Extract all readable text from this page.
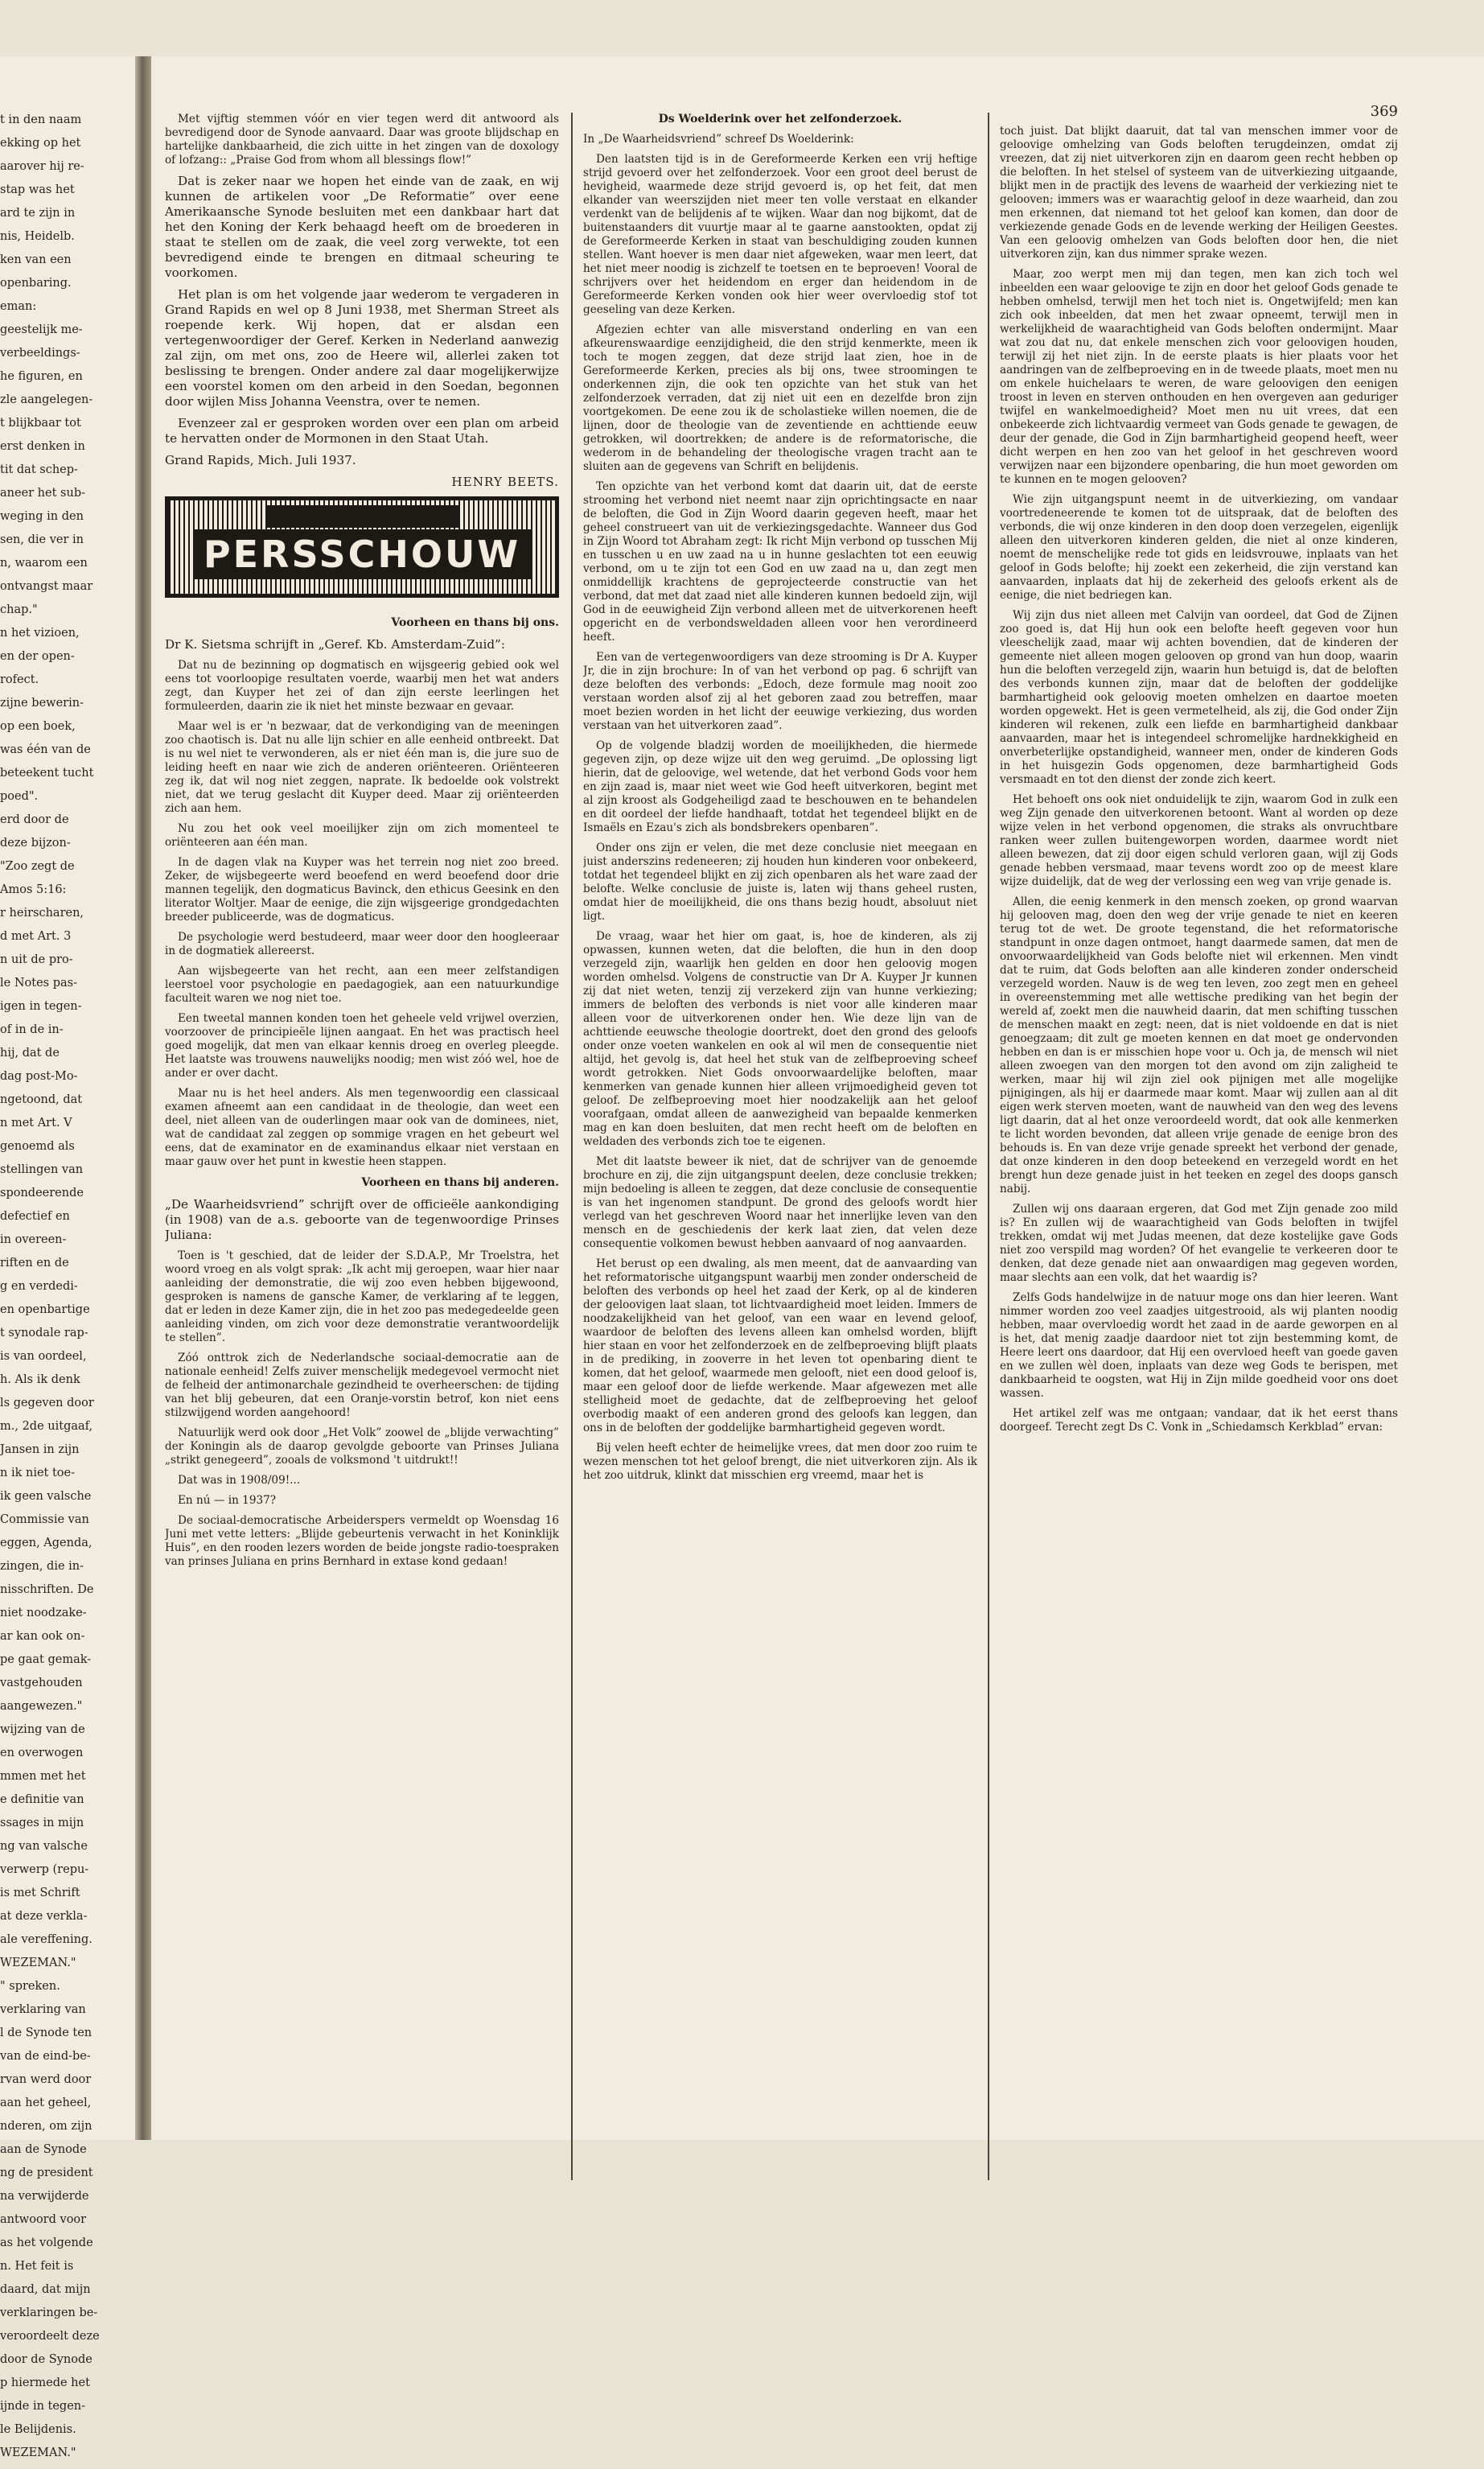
t in den naam

ekking op het

aarover hij re-

stap was het

ard te zijn in

nis, Heidelb.

ken van een

openbaring.

eman:

geestelijk me-

verbeeldings-

he figuren, en

zle aangelegen-

t blijkbaar tot

erst denken in

tit dat schep-

aneer het sub-

weging in den

sen, die ver in

n, waarom een

ontvangst maar

chap."

n het vizioen,

en der open-

rofect.

zijne bewerin-

op een boek,

was één van de

beteekent tucht

poed".

erd door de

deze bijzon-

"Zoo zegt de

Amos 5:16:

r heirscharen,

d met Art. 3

n uit de pro-

le Notes pas-

igen in tegen-

of in de in-

hij, dat de

dag post-Mo-

ngetoond, dat

n met Art. V

genoemd als

stellingen van

spondeerende

defectief en

in overeen-

riften en de

g en verdedi-

en openbartige

t synodale rap-

is van oordeel,

h. Als ik denk

ls gegeven door

m., 2de uitgaaf,

Jansen in zijn

n ik niet toe-

ik geen valsche

Commissie van

eggen, Agenda,

zingen, die in-

nisschriften. De

niet noodzake-

ar kan ook on-

pe gaat gemak-

vastgehouden

aangewezen."

wijzing van de

en overwogen

mmen met het

e definitie van

ssages in mijn

ng van valsche

verwerp (repu-

is met Schrift

at deze verkla-

ale vereffening.

WEZEMAN."

" spreken.

verklaring van

l de Synode ten

van de eind-be-

rvan werd door

aan het geheel,

nderen, om zijn

aan de Synode

ng de president

na verwijderde

antwoord voor

as het volgende

n. Het feit is

daard, dat mijn

verklaringen be-

veroordeelt deze

door de Synode

p hiermede het

ijnde in tegen-

le Belijdenis.

WEZEMAN."

Met vijftig stemmen vóór en vier tegen werd dit antwoord als bevredigend door de Synode aanvaard. Daar was groote blijdschap en hartelijke dankbaarheid, die zich uitte in het zingen van de doxology of lofzang:: „Praise God from whom all blessings flow!”

Dat is zeker naar we hopen het einde van de zaak, en wij kunnen de artikelen voor „De Reformatie” over eene Amerikaansche Synode besluiten met een dankbaar hart dat het den Koning der Kerk behaagd heeft om de broederen in staat te stellen om de zaak, die veel zorg verwekte, tot een bevredigend einde te brengen en ditmaal scheuring te voorkomen.

Het plan is om het volgende jaar wederom te vergaderen in Grand Rapids en wel op 8 Juni 1938, met Sherman Street als roepende kerk. Wij hopen, dat er alsdan een vertegenwoordiger der Geref. Kerken in Nederland aanwezig zal zijn, om met ons, zoo de Heere wil, allerlei zaken tot beslissing te brengen. Onder andere zal daar mogelijkerwijze een voorstel komen om den arbeid in den Soedan, begonnen door wijlen Miss Johanna Veenstra, over te nemen.

Evenzeer zal er gesproken worden over een plan om arbeid te hervatten onder de Mormonen in den Staat Utah.

Grand Rapids, Mich. Juli 1937.

HENRY BEETS.

PERSSCHOUW

Voorheen en thans bij ons.

Dr K. Sietsma schrijft in „Geref. Kb. Amsterdam-Zuid”:

Dat nu de bezinning op dogmatisch en wijsgeerig gebied ook wel eens tot voorloopige resultaten voerde, waarbij men het wat anders zegt, dan Kuyper het zei of dan zijn eerste leerlingen het formuleerden, daarin zie ik niet het minste bezwaar en gevaar.

Maar wel is er 'n bezwaar, dat de verkondiging van de meeningen zoo chaotisch is. Dat nu alle lijn schier en alle eenheid ontbreekt. Dat is nu wel niet te verwonderen, als er niet één man is, die jure suo de leiding heeft en naar wie zich de anderen oriënteeren. Oriënteeren zeg ik, dat wil nog niet zeggen, naprate. Ik bedoelde ook volstrekt niet, dat we terug geslacht dit Kuyper deed. Maar zij oriënteerden zich aan hem.

Nu zou het ook veel moeilijker zijn om zich momenteel te oriënteeren aan één man.

In de dagen vlak na Kuyper was het terrein nog niet zoo breed. Zeker, de wijsbegeerte werd beoefend en werd beoefend door drie mannen tegelijk, den dogmaticus Bavinck, den ethicus Geesink en den literator Woltjer. Maar de eenige, die zijn wijsgeerige grondgedachten breeder publiceerde, was de dogmaticus.

De psychologie werd bestudeerd, maar weer door den hoogleeraar in de dogmatiek allereerst.

Aan wijsbegeerte van het recht, aan een meer zelfstandigen leerstoel voor psychologie en paedagogiek, aan een natuurkundige faculteit waren we nog niet toe.

Een tweetal mannen konden toen het geheele veld vrijwel overzien, voorzoover de principieële lijnen aangaat. En het was practisch heel goed mogelijk, dat men van elkaar kennis droeg en overleg pleegde. Het laatste was trouwens nauwelijks noodig; men wist zóó wel, hoe de ander er over dacht.

Maar nu is het heel anders. Als men tegenwoordig een classicaal examen afneemt aan een candidaat in de theologie, dan weet een deel, niet alleen van de ouderlingen maar ook van de dominees, niet, wat de candidaat zal zeggen op sommige vragen en het gebeurt wel eens, dat de examinator en de examinandus elkaar niet verstaan en maar gauw over het punt in kwestie heen stappen.

Voorheen en thans bij anderen.

„De Waarheidsvriend” schrijft over de officieële aankondiging (in 1908) van de a.s. geboorte van de tegenwoordige Prinses Juliana:

Toen is 't geschied, dat de leider der S.D.A.P., Mr Troelstra, het woord vroeg en als volgt sprak: „Ik acht mij geroepen, waar hier naar aanleiding der demonstratie, die wij zoo even hebben bijgewoond, gesproken is namens de gansche Kamer, de verklaring af te leggen, dat er leden in deze Kamer zijn, die in het zoo pas medegedeelde geen aanleiding vinden, om zich voor deze demonstratie verantwoordelijk te stellen”.

Zóó onttrok zich de Nederlandsche sociaal-democratie aan de nationale eenheid! Zelfs zuiver menschelijk medegevoel vermocht niet de felheid der antimonarchale gezindheid te overheerschen: de tijding van het blij gebeuren, dat een Oranje-vorstin betrof, kon niet eens stilzwijgend worden aangehoord!

Natuurlijk werd ook door „Het Volk” zoowel de „blijde verwachting” der Koningin als de daarop gevolgde geboorte van Prinses Juliana „strikt genegeerd”, zooals de volksmond 't uitdrukt!!

Dat was in 1908/09!...

En nú — in 1937?

De sociaal-democratische Arbeiderspers vermeldt op Woensdag 16 Juni met vette letters: „Blijde gebeurtenis verwacht in het Koninklijk Huis”, en den rooden lezers worden de beide jongste radio-toespraken van prinses Juliana en prins Bernhard in extase kond gedaan!

Ds Woelderink over het zelfonderzoek.

In „De Waarheidsvriend” schreef Ds Woelderink:

Den laatsten tijd is in de Gereformeerde Kerken een vrij heftige strijd gevoerd over het zelfonderzoek. Voor een groot deel berust de hevigheid, waarmede deze strijd gevoerd is, op het feit, dat men elkander van weerszijden niet meer ten volle verstaat en elkander verdenkt van de belijdenis af te wijken. Waar dan nog bijkomt, dat de buitenstaanders dit vuurtje maar al te gaarne aanstookten, opdat zij de Gereformeerde Kerken in staat van beschuldiging zouden kunnen stellen. Want hoever is men daar niet afgeweken, waar men leert, dat het niet meer noodig is zichzelf te toetsen en te beproeven! Vooral de schrijvers over het heidendom en erger dan heidendom in de Gereformeerde Kerken vonden ook hier weer overvloedig stof tot geeseling van deze Kerken.

Afgezien echter van alle misverstand onderling en van een afkeurenswaardige eenzijdigheid, die den strijd kenmerkte, meen ik toch te mogen zeggen, dat deze strijd laat zien, hoe in de Gereformeerde Kerken, precies als bij ons, twee stroomingen te onderkennen zijn, die ook ten opzichte van het stuk van het zelfonderzoek verraden, dat zij niet uit een en dezelfde bron zijn voortgekomen. De eene zou ik de scholastieke willen noemen, die de lijnen, door de theologie van de zeventiende en achttiende eeuw getrokken, wil doortrekken; de andere is de reformatorische, die wederom in de behandeling der theologische vragen tracht aan te sluiten aan de gegevens van Schrift en belijdenis.

Ten opzichte van het verbond komt dat daarin uit, dat de eerste strooming het verbond niet neemt naar zijn oprichtingsacte en naar de beloften, die God in Zijn Woord daarin gegeven heeft, maar het geheel construeert van uit de verkiezingsgedachte. Wanneer dus God in Zijn Woord tot Abraham zegt: Ik richt Mijn verbond op tusschen Mij en tusschen u en uw zaad na u in hunne geslachten tot een eeuwig verbond, om u te zijn tot een God en uw zaad na u, dan zegt men onmiddellijk krachtens de geprojecteerde constructie van het verbond, dat met dat zaad niet alle kinderen kunnen bedoeld zijn, wijl God in de eeuwigheid Zijn verbond alleen met de uitverkorenen heeft opgericht en de verbondsweldaden alleen voor hen verordineerd heeft.

Een van de vertegenwoordigers van deze strooming is Dr A. Kuyper Jr, die in zijn brochure: In of van het verbond op pag. 6 schrijft van deze beloften des verbonds: „Edoch, deze formule mag nooit zoo verstaan worden alsof zij al het geboren zaad zou betreffen, maar moet bezien worden in het licht der eeuwige verkiezing, dus worden verstaan van het uitverkoren zaad”.

Op de volgende bladzij worden de moeilijkheden, die hiermede gegeven zijn, op deze wijze uit den weg geruimd. „De oplossing ligt hierin, dat de geloovige, wel wetende, dat het verbond Gods voor hem en zijn zaad is, maar niet weet wie God heeft uitverkoren, begint met al zijn kroost als Godgeheiligd zaad te beschouwen en te behandelen en dit oordeel der liefde handhaaft, totdat het tegendeel blijkt en de Ismaëls en Ezau's zich als bondsbrekers openbaren”.

Onder ons zijn er velen, die met deze conclusie niet meegaan en juist anderszins redeneeren; zij houden hun kinderen voor onbekeerd, totdat het tegendeel blijkt en zij zich openbaren als het ware zaad der belofte. Welke conclusie de juiste is, laten wij thans geheel rusten, omdat hier de moeilijkheid, die ons thans bezig houdt, absoluut niet ligt.

De vraag, waar het hier om gaat, is, hoe de kinderen, als zij opwassen, kunnen weten, dat die beloften, die hun in den doop verzegeld zijn, waarlijk hen gelden en door hen geloovig mogen worden omhelsd. Volgens de constructie van Dr A. Kuyper Jr kunnen zij dat niet weten, tenzij zij verzekerd zijn van hunne verkiezing; immers de beloften des verbonds is niet voor alle kinderen maar alleen voor de uitverkorenen onder hen. Wie deze lijn van de achttiende eeuwsche theologie doortrekt, doet den grond des geloofs onder onze voeten wankelen en ook al wil men de consequentie niet altijd, het gevolg is, dat heel het stuk van de zelfbeproeving scheef wordt getrokken. Niet Gods onvoorwaardelijke beloften, maar kenmerken van genade kunnen hier alleen vrijmoedigheid geven tot geloof. De zelfbeproeving moet hier noodzakelijk aan het geloof voorafgaan, omdat alleen de aanwezigheid van bepaalde kenmerken mag en kan doen besluiten, dat men recht heeft om de beloften en weldaden des verbonds zich toe te eigenen.

Met dit laatste beweer ik niet, dat de schrijver van de genoemde brochure en zij, die zijn uitgangspunt deelen, deze conclusie trekken; mijn bedoeling is alleen te zeggen, dat deze conclusie de consequentie is van het ingenomen standpunt. De grond des geloofs wordt hier verlegd van het geschreven Woord naar het innerlijke leven van den mensch en de geschiedenis der kerk laat zien, dat velen deze consequentie volkomen bewust hebben aanvaard of nog aanvaarden.

Het berust op een dwaling, als men meent, dat de aanvaarding van het reformatorische uitgangspunt waarbij men zonder onderscheid de beloften des verbonds op heel het zaad der Kerk, op al de kinderen der geloovigen laat slaan, tot lichtvaardigheid moet leiden. Immers de noodzakelijkheid van het geloof, van een waar en levend geloof, waardoor de beloften des levens alleen kan omhelsd worden, blijft hier staan en voor het zelfonderzoek en de zelfbeproeving blijft plaats in de prediking, in zooverre in het leven tot openbaring dient te komen, dat het geloof, waarmede men gelooft, niet een dood geloof is, maar een geloof door de liefde werkende. Maar afgewezen met alle stelligheid moet de gedachte, dat de zelfbeproeving het geloof overbodig maakt of een anderen grond des geloofs kan leggen, dan ons in de beloften der goddelijke barmhartigheid gegeven wordt.

Bij velen heeft echter de heimelijke vrees, dat men door zoo ruim te wezen menschen tot het geloof brengt, die niet uitverkoren zijn. Als ik het zoo uitdruk, klinkt dat misschien erg vreemd, maar het is

369

toch juist. Dat blijkt daaruit, dat tal van menschen immer voor de geloovige omhelzing van Gods beloften terugdeinzen, omdat zij vreezen, dat zij niet uitverkoren zijn en daarom geen recht hebben op die beloften. In het stelsel of systeem van de uitverkiezing uitgaande, blijkt men in de practijk des levens de waarheid der verkiezing niet te gelooven; immers was er waarachtig geloof in deze waarheid, dan zou men erkennen, dat niemand tot het geloof kan komen, dan door de verkiezende genade Gods en de levende werking der Heiligen Geestes. Van een geloovig omhelzen van Gods beloften door hen, die niet uitverkoren zijn, kan dus nimmer sprake wezen.

Maar, zoo werpt men mij dan tegen, men kan zich toch wel inbeelden een waar geloovige te zijn en door het geloof Gods genade te hebben omhelsd, terwijl men het toch niet is. Ongetwijfeld; men kan zich ook inbeelden, dat men het zwaar opneemt, terwijl men in werkelijkheid de waarachtigheid van Gods beloften ondermijnt. Maar wat zou dat nu, dat enkele menschen zich voor geloovigen houden, terwijl zij het niet zijn. In de eerste plaats is hier plaats voor het aandringen van de zelfbeproeving en in de tweede plaats, moet men nu om enkele huichelaars te weren, de ware geloovigen den eenigen troost in leven en sterven onthouden en hen overgeven aan geduriger twijfel en wankelmoedigheid? Moet men nu uit vrees, dat een onbekeerde zich lichtvaardig vermeet van Gods genade te gewagen, de deur der genade, die God in Zijn barmhartigheid geopend heeft, weer dicht werpen en hen zoo van het geloof in het geschreven woord verwijzen naar een bijzondere openbaring, die hun moet geworden om te kunnen en te mogen gelooven?

Wie zijn uitgangspunt neemt in de uitverkiezing, om vandaar voortredeneerende te komen tot de uitspraak, dat de beloften des verbonds, die wij onze kinderen in den doop doen verzegelen, eigenlijk alleen den uitverkoren kinderen gelden, die niet al onze kinderen, noemt de menschelijke rede tot gids en leidsvrouwe, inplaats van het geloof in Gods belofte; hij zoekt een zekerheid, die zijn verstand kan aanvaarden, inplaats dat hij de zekerheid des geloofs erkent als de eenige, die niet bedriegen kan.

Wij zijn dus niet alleen met Calvijn van oordeel, dat God de Zijnen zoo goed is, dat Hij hun ook een belofte heeft gegeven voor hun vleeschelijk zaad, maar wij achten bovendien, dat de kinderen der gemeente niet alleen mogen gelooven op grond van hun doop, waarin hun die beloften verzegeld zijn, waarin hun betuigd is, dat de beloften des verbonds kunnen zijn, maar dat de beloften der goddelijke barmhartigheid ook geloovig moeten omhelzen en daartoe moeten worden opgewekt. Het is geen vermetelheid, als zij, die God onder Zijn kinderen wil rekenen, zulk een liefde en barmhartigheid dankbaar aanvaarden, maar het is integendeel schromelijke hardnekkigheid en onverbeterlijke opstandigheid, wanneer men, onder de kinderen Gods in het huisgezin Gods opgenomen, deze barmhartigheid Gods versmaadt en tot den dienst der zonde zich keert.

Het behoeft ons ook niet onduidelijk te zijn, waarom God in zulk een weg Zijn genade den uitverkorenen betoont. Want al worden op deze wijze velen in het verbond opgenomen, die straks als onvruchtbare ranken weer zullen buitengeworpen worden, daarmee wordt niet alleen bewezen, dat zij door eigen schuld verloren gaan, wijl zij Gods genade hebben versmaad, maar tevens wordt zoo op de meest klare wijze duidelijk, dat de weg der verlossing een weg van vrije genade is.

Allen, die eenig kenmerk in den mensch zoeken, op grond waarvan hij gelooven mag, doen den weg der vrije genade te niet en keeren terug tot de wet. De groote tegenstand, die het reformatorische standpunt in onze dagen ontmoet, hangt daarmede samen, dat men de onvoorwaardelijkheid van Gods belofte niet wil erkennen. Men vindt dat te ruim, dat Gods beloften aan alle kinderen zonder onderscheid verzegeld worden. Nauw is de weg ten leven, zoo zegt men en geheel in overeenstemming met alle wettische prediking van het begin der wereld af, zoekt men die nauwheid daarin, dat men schifting tusschen de menschen maakt en zegt: neen, dat is niet voldoende en dat is niet genoegzaam; dit zult ge moeten kennen en dat moet ge ondervonden hebben en dan is er misschien hope voor u. Och ja, de mensch wil niet alleen zwoegen van den morgen tot den avond om zijn zaligheid te werken, maar hij wil zijn ziel ook pijnigen met alle mogelijke pijnigingen, als hij er daarmede maar komt. Maar wij zullen aan al dit eigen werk sterven moeten, want de nauwheid van den weg des levens ligt daarin, dat al het onze veroordeeld wordt, dat ook alle kenmerken te licht worden bevonden, dat alleen vrije genade de eenige bron des behouds is. En van deze vrije genade spreekt het verbond der genade, dat onze kinderen in den doop beteekend en verzegeld wordt en het brengt hun deze genade juist in het teeken en zegel des doops gansch nabij.

Zullen wij ons daaraan ergeren, dat God met Zijn genade zoo mild is? En zullen wij de waarachtigheid van Gods beloften in twijfel trekken, omdat wij met Judas meenen, dat deze kostelijke gave Gods niet zoo verspild mag worden? Of het evangelie te verkeeren door te denken, dat deze genade niet aan onwaardigen mag gegeven worden, maar slechts aan een volk, dat het waardig is?

Zelfs Gods handelwijze in de natuur moge ons dan hier leeren. Want nimmer worden zoo veel zaadjes uitgestrooid, als wij planten noodig hebben, maar overvloedig wordt het zaad in de aarde geworpen en al is het, dat menig zaadje daardoor niet tot zijn bestemming komt, de Heere leert ons daardoor, dat Hij een overvloed heeft van goede gaven en we zullen wèl doen, inplaats van deze weg Gods te berispen, met dankbaarheid te oogsten, wat Hij in Zijn milde goedheid voor ons doet wassen.

Het artikel zelf was me ontgaan; vandaar, dat ik het eerst thans doorgeef. Terecht zegt Ds C. Vonk in „Schiedamsch Kerkblad” ervan:
